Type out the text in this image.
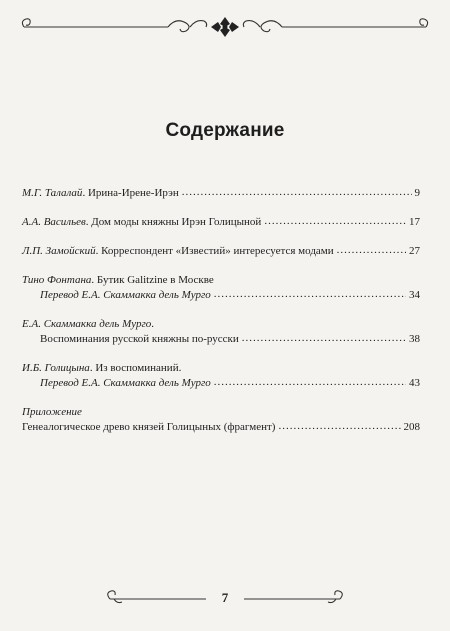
Содержание
М.Г. Талалай. Ирина-Ирене-Ирэн .....	9
А.А. Васильев. Дом моды княжны Ирэн Голицыной .....	17
Л.П. Замойский. Корреспондент «Известий» интересуется модами .....	27
Тино Фонтана. Бутик Galitzine в Москве
Перевод Е.А. Скаммакка дель Мурго .....	34
Е.А. Скаммакка дель Мурго.
Воспоминания русской княжны по-русски .....	38
И.Б. Голицына. Из воспоминаний.
Перевод Е.А. Скаммакка дель Мурго .....	43
Приложение
Генеалогическое древо князей Голицыных (фрагмент) .....	208
7
